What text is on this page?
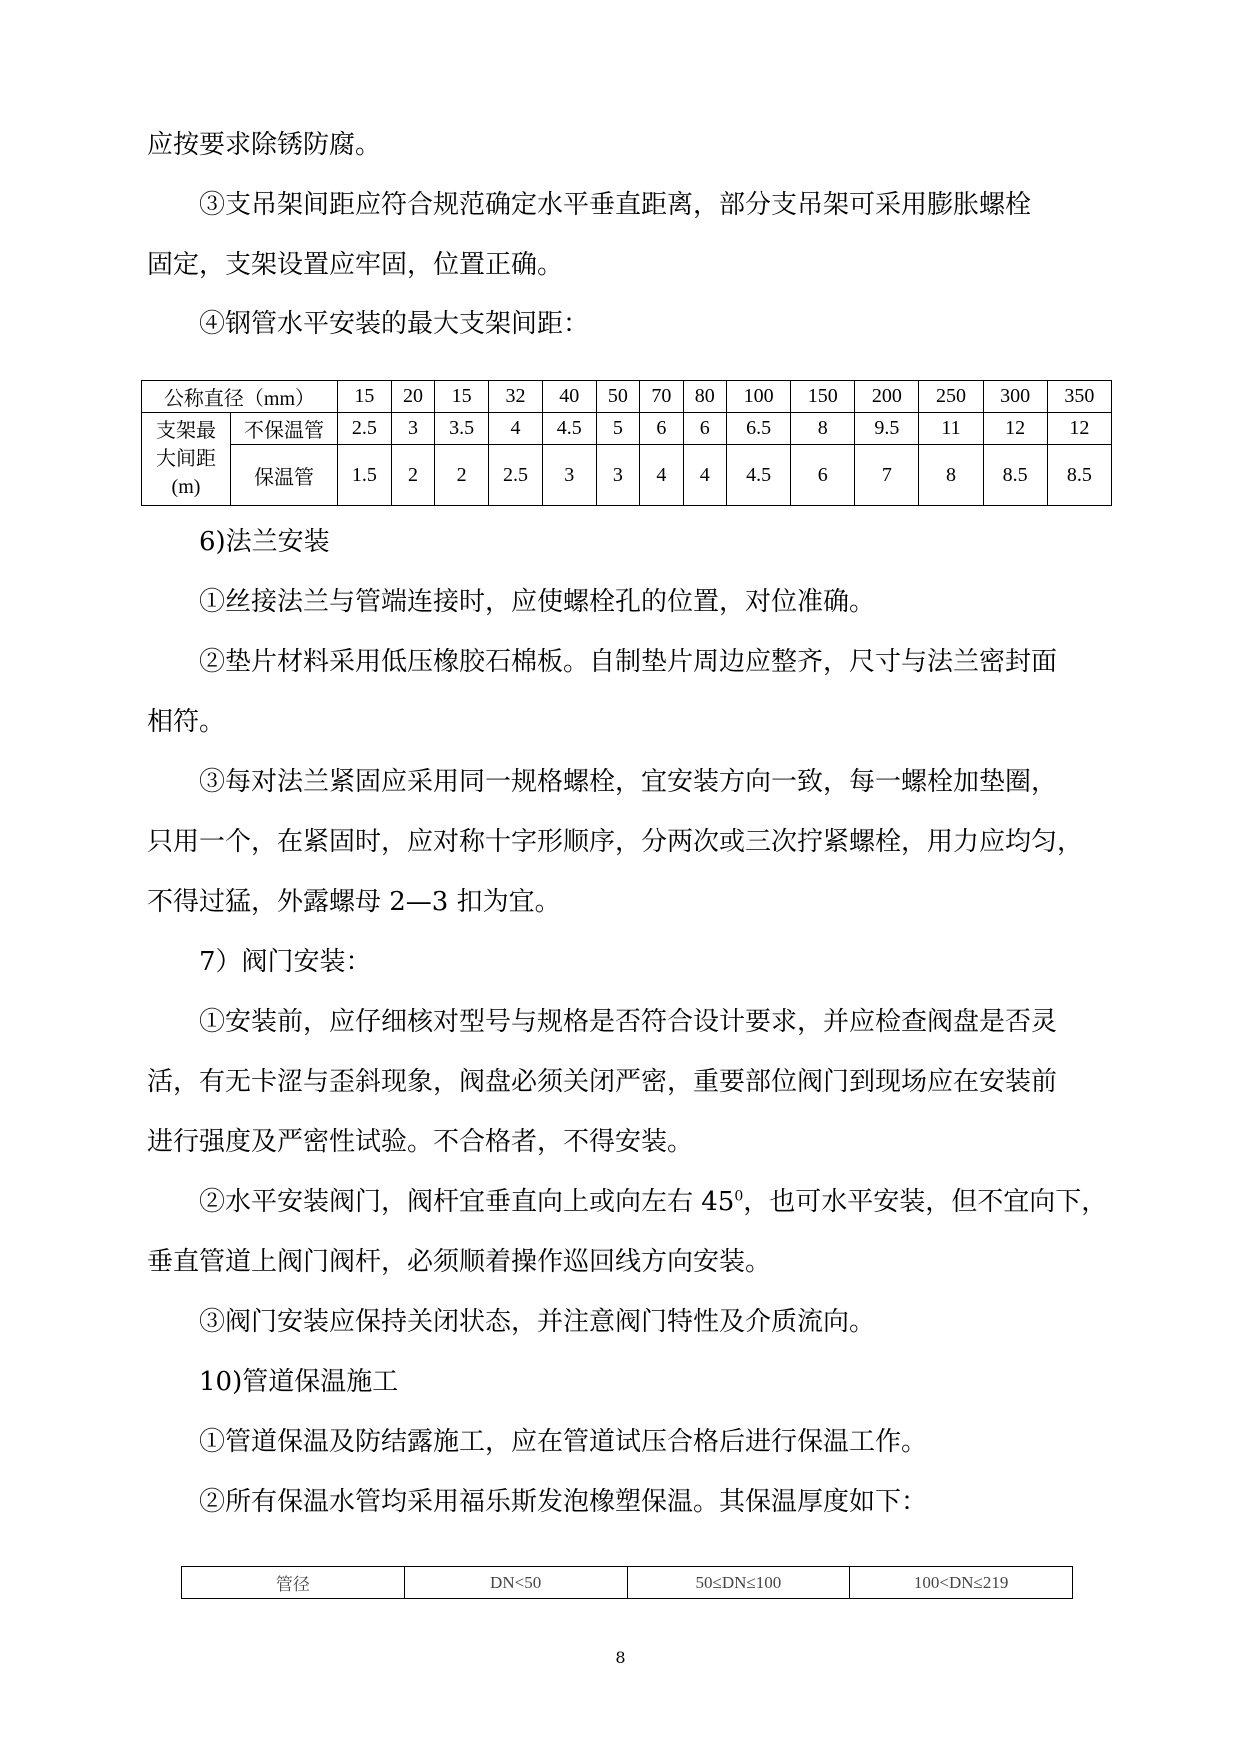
应按要求除锈防腐。
③支吊架间距应符合规范确定水平垂直距离，部分支吊架可采用膨胀螺栓
固定，支架设置应牢固，位置正确。
④钢管水平安装的最大支架间距：
公称直径（mm）		15	20	15	32	40	50	70	80	100	150	200	250	300	350

支架最
大间距
(m)	不保温管	2.5	3	3.5	4	4.5	5	6	6	6.5	8	9.5	11	12	12
	保温管	1.5	2	2	2.5	3	3	4	4	4.5	6	7	8	8.5	8.5
6)法兰安装
①丝接法兰与管端连接时，应使螺栓孔的位置，对位准确。
②垫片材料采用低压橡胶石棉板。自制垫片周边应整齐，尺寸与法兰密封面
相符。
③每对法兰紧固应采用同一规格螺栓，宜安装方向一致，每一螺栓加垫圈，
只用一个，在紧固时，应对称十字形顺序，分两次或三次拧紧螺栓，用力应均匀，
不得过猛，外露螺母 2—3 扣为宜。
7）阀门安装：
①安装前，应仔细核对型号与规格是否符合设计要求，并应检查阀盘是否灵
活，有无卡涩与歪斜现象，阀盘必须关闭严密，重要部位阀门到现场应在安装前
进行强度及严密性试验。不合格者，不得安装。
②水平安装阀门，阀杆宜垂直向上或向左右 $45^0$，也可水平安装，但不宜向下，
垂直管道上阀门阀杆，必须顺着操作巡回线方向安装。
③阀门安装应保持关闭状态，并注意阀门特性及介质流向。
10)管道保温施工
①管道保温及防结露施工，应在管道试压合格后进行保温工作。
②所有保温水管均采用福乐斯发泡橡塑保温。其保温厚度如下：
管径	DN<50	50≤DN≤100	100<DN≤219
8
